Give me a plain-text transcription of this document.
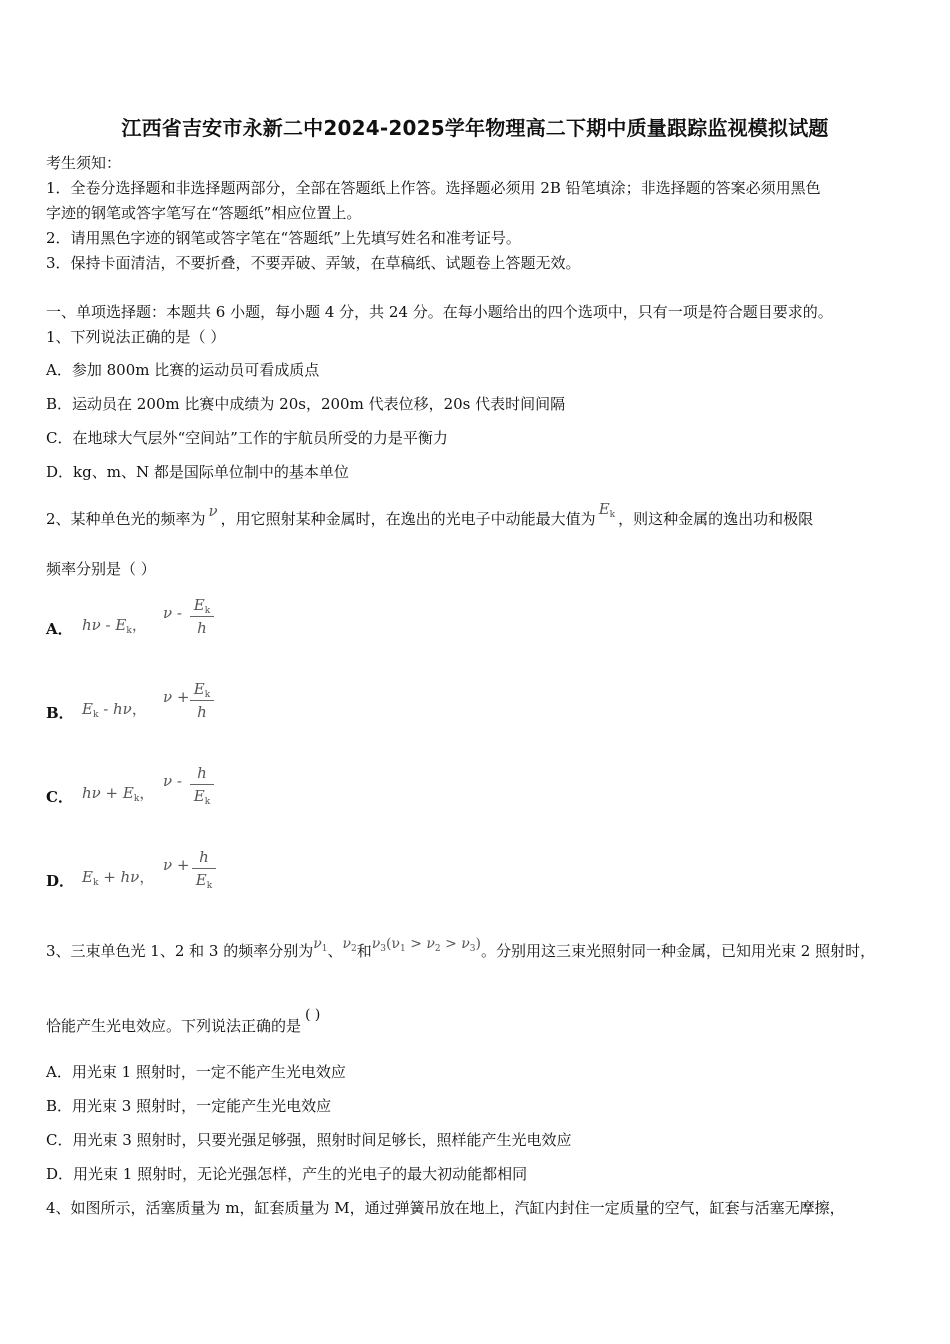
江西省吉安市永新二中2024-2025学年物理高二下期中质量跟踪监视模拟试题
考生须知：
1．全卷分选择题和非选择题两部分，全部在答题纸上作答。选择题必须用 2B 铅笔填涂；非选择题的答案必须用黑色
字迹的钢笔或答字笔写在“答题纸”相应位置上。
2．请用黑色字迹的钢笔或答字笔在“答题纸”上先填写姓名和准考证号。
3．保持卡面清洁，不要折叠，不要弄破、弄皱，在草稿纸、试题卷上答题无效。
一、单项选择题：本题共 6 小题，每小题 4 分，共 24 分。在每小题给出的四个选项中，只有一项是符合题目要求的。
1、下列说法正确的是（ ）
A．参加 800m 比赛的运动员可看成质点
B．运动员在 200m 比赛中成绩为 20s，200m 代表位移，20s 代表时间间隔
C．在地球大气层外“空间站”工作的宇航员所受的力是平衡力
D．kg、m、N 都是国际单位制中的基本单位
2、某种单色光的频率为 ν ，用它照射某种金属时，在逸出的光电子中动能最大值为$E_k$ ，则这种金属的逸出功和极限
频率分别是（ ）
A． hν - $E_k$，
ν - $E_k$
h
B． $E_k$ - hν，
$\nu + E_k$
h
C． $h\nu + E_k$，
ν -	h
$E_k$
D． $E_k + h\nu$，
ν + h
$E_k$
3、三束单色光 1、2 和 3 的频率分别为$\nu_1$、$\nu_2$和$\nu_3(\nu_1 > \nu_2 > \nu_3)$。分别用这三束光照射同一种金属，已知用光束 2 照射时，
恰能产生光电效应。下列说法正确的是( )
A．用光束 1 照射时，一定不能产生光电效应
B．用光束 3 照射时，一定能产生光电效应
C．用光束 3 照射时，只要光强足够强，照射时间足够长，照样能产生光电效应
D．用光束 1 照射时，无论光强怎样，产生的光电子的最大初动能都相同
4、如图所示，活塞质量为 m，缸套质量为 M，通过弹簧吊放在地上，汽缸内封住一定质量的空气，缸套与活塞无摩擦，
